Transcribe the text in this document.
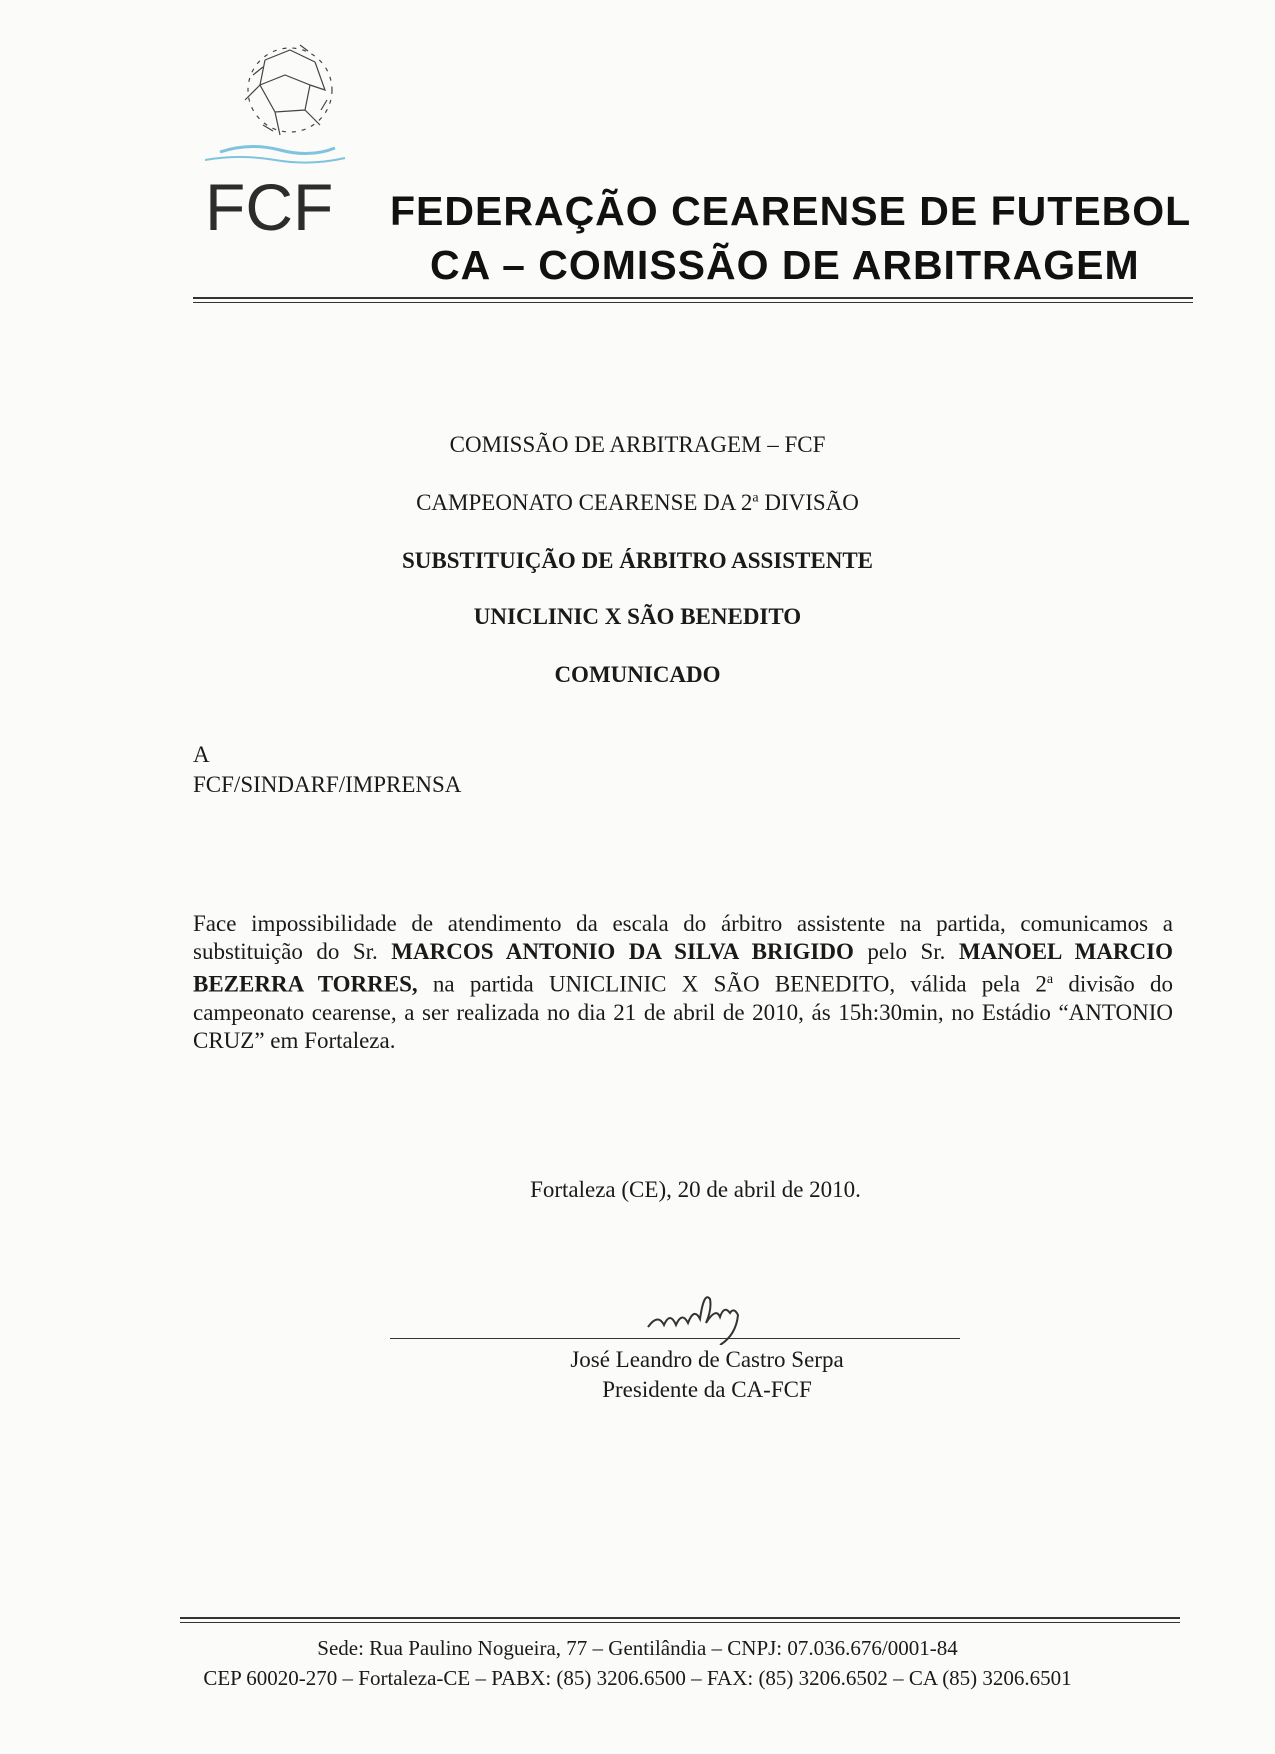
FCF FEDERAÇÃO CEARENSE DE FUTEBOL
CA – COMISSÃO DE ARBITRAGEM
COMISSÃO DE ARBITRAGEM – FCF
CAMPEONATO CEARENSE DA 2$^a$ DIVISÃO
SUBSTITUIÇÃO DE ÁRBITRO ASSISTENTE
UNICLINIC X SÃO BENEDITO
COMUNICADO
A
FCF/SINDARF/IMPRENSA
Face impossibilidade de atendimento da escala do árbitro assistente na partida, comunicamos a substituição do Sr. MARCOS ANTONIO DA SILVA BRIGIDO pelo Sr. MANOEL MARCIO BEZERRA TORRES, na partida UNICLINIC X SÃO BENEDITO, válida pela 2$^a$ divisão do campeonato cearense, a ser realizada no dia 21 de abril de 2010, ás 15h:30min, no Estádio “ANTONIO CRUZ” em Fortaleza.
Fortaleza (CE), 20 de abril de 2010.
José Leandro de Castro Serpa
Presidente da CA-FCF
Sede: Rua Paulino Nogueira, 77 – Gentilândia – CNPJ: 07.036.676/0001-84
CEP 60020-270 – Fortaleza-CE – PABX: (85) 3206.6500 – FAX: (85) 3206.6502 – CA (85) 3206.6501
